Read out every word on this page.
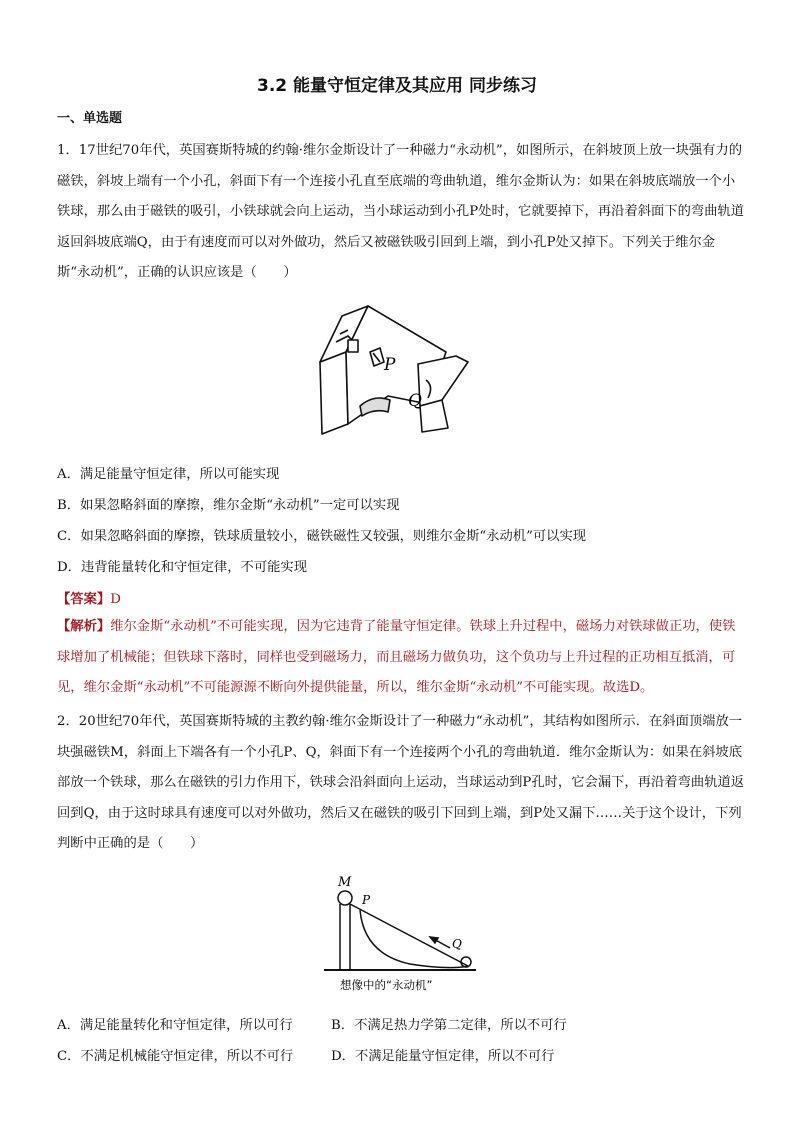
3.2 能量守恒定律及其应用 同步练习
一、单选题

1．17世纪70年代，英国赛斯特城的约翰·维尔金斯设计了一种磁力“永动机”，如图所示，在斜坡顶上放一块强有力的磁铁，斜坡上端有一个小孔，斜面下有一个连接小孔直至底端的弯曲轨道，维尔金斯认为：如果在斜坡底端放一个小铁球，那么由于磁铁的吸引，小铁球就会向上运动，当小球运动到小孔P处时，它就要掉下，再沿着斜面下的弯曲轨道返回斜坡底端Q，由于有速度而可以对外做功，然后又被磁铁吸引回到上端，到小孔P处又掉下。下列关于维尔金斯“永动机”，正确的认识应该是（　　）

P
Q
A．满足能量守恒定律，所以可能实现
B．如果忽略斜面的摩擦，维尔金斯“永动机”一定可以实现
C．如果忽略斜面的摩擦，铁球质量较小，磁铁磁性又较强，则维尔金斯“永动机”可以实现
D．违背能量转化和守恒定律，不可能实现
【答案】D

【解析】维尔金斯“永动机”不可能实现，因为它违背了能量守恒定律。铁球上升过程中，磁场力对铁球做正功，使铁球增加了机械能；但铁球下落时，同样也受到磁场力，而且磁场力做负功，这个负功与上升过程的正功相互抵消，可见，维尔金斯“永动机”不可能源源不断向外提供能量，所以，维尔金斯“永动机”不可能实现。故选D。

2．20世纪70年代，英国赛斯特城的主教约翰·维尔金斯设计了一种磁力“永动机”，其结构如图所示．在斜面顶端放一块强磁铁M，斜面上下端各有一个小孔P、Q，斜面下有一个连接两个小孔的弯曲轨道．维尔金斯认为：如果在斜坡底部放一个铁球，那么在磁铁的引力作用下，铁球会沿斜面向上运动，当球运动到P孔时，它会漏下，再沿着弯曲轨道返回到Q，由于这时球具有速度可以对外做功，然后又在磁铁的吸引下回到上端，到P处又漏下……关于这个设计，下列判断中正确的是（　　）

M
P
Q
想像中的“永动机”
A．满足能量转化和守恒定律，所以可行	B．不满足热力学第二定律，所以不可行
C．不满足机械能守恒定律，所以不可行	D．不满足能量守恒定律，所以不可行
